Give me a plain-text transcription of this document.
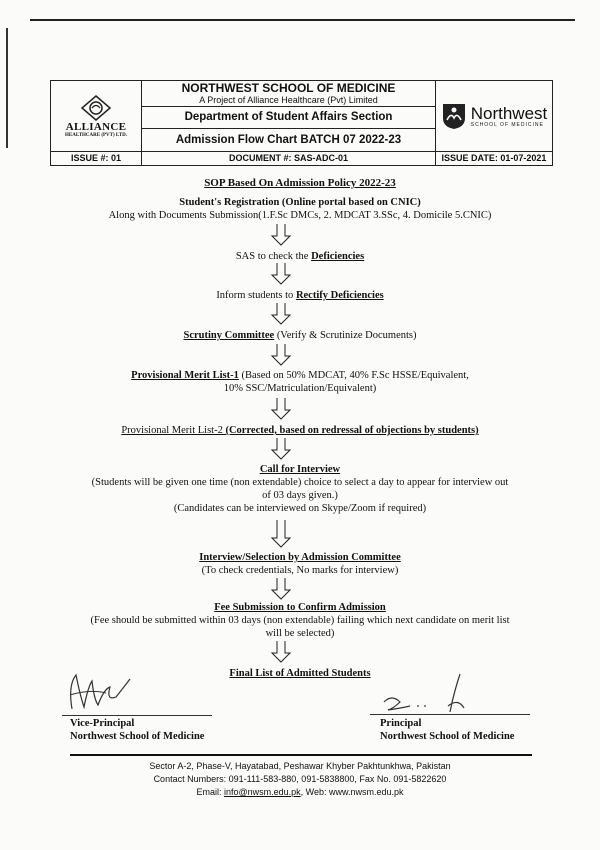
ALLIANCE
HEALTHCARE (PVT) LTD.
NORTHWEST SCHOOL OF MEDICINE
A Project of Alliance Healthcare (Pvt) Limited
Department of Student Affairs Section
Admission Flow Chart BATCH 07 2022-23
Northwest
SCHOOL OF MEDICINE
ISSUE #: 01	DOCUMENT #: SAS-ADC-01	ISSUE DATE: 01-07-2021
SOP Based On Admission Policy 2022-23
Student's Registration (Online portal based on CNIC)
Along with Documents Submission(1.F.Sc DMCs, 2. MDCAT 3.SSc, 4. Domicile 5.CNIC)
SAS to check the Deficiencies
Inform students to Rectify Deficiencies
Scrutiny Committee (Verify & Scrutinize Documents)
Provisional Merit List-1 (Based on 50% MDCAT, 40% F.Sc HSSE/Equivalent,
10% SSC/Matriculation/Equivalent)
Provisional Merit List-2 (Corrected, based on redressal of objections by students)
Call for Interview
(Students will be given one time (non extendable) choice to select a day to appear for interview out
of 03 days given.)
(Candidates can be interviewed on Skype/Zoom if required)
Interview/Selection by Admission Committee
(To check credentials, No marks for interview)
Fee Submission to Confirm Admission
(Fee should be submitted within 03 days (non extendable) failing which next candidate on merit list
will be selected)
Final List of Admitted Students
Vice-Principal
Northwest School of Medicine
Principal
Northwest School of Medicine
Sector A-2, Phase-V, Hayatabad, Peshawar Khyber Pakhtunkhwa, Pakistan
Contact Numbers: 091-111-583-880, 091-5838800, Fax No. 091-5822620
Email: info@nwsm.edu.pk, Web: www.nwsm.edu.pk
